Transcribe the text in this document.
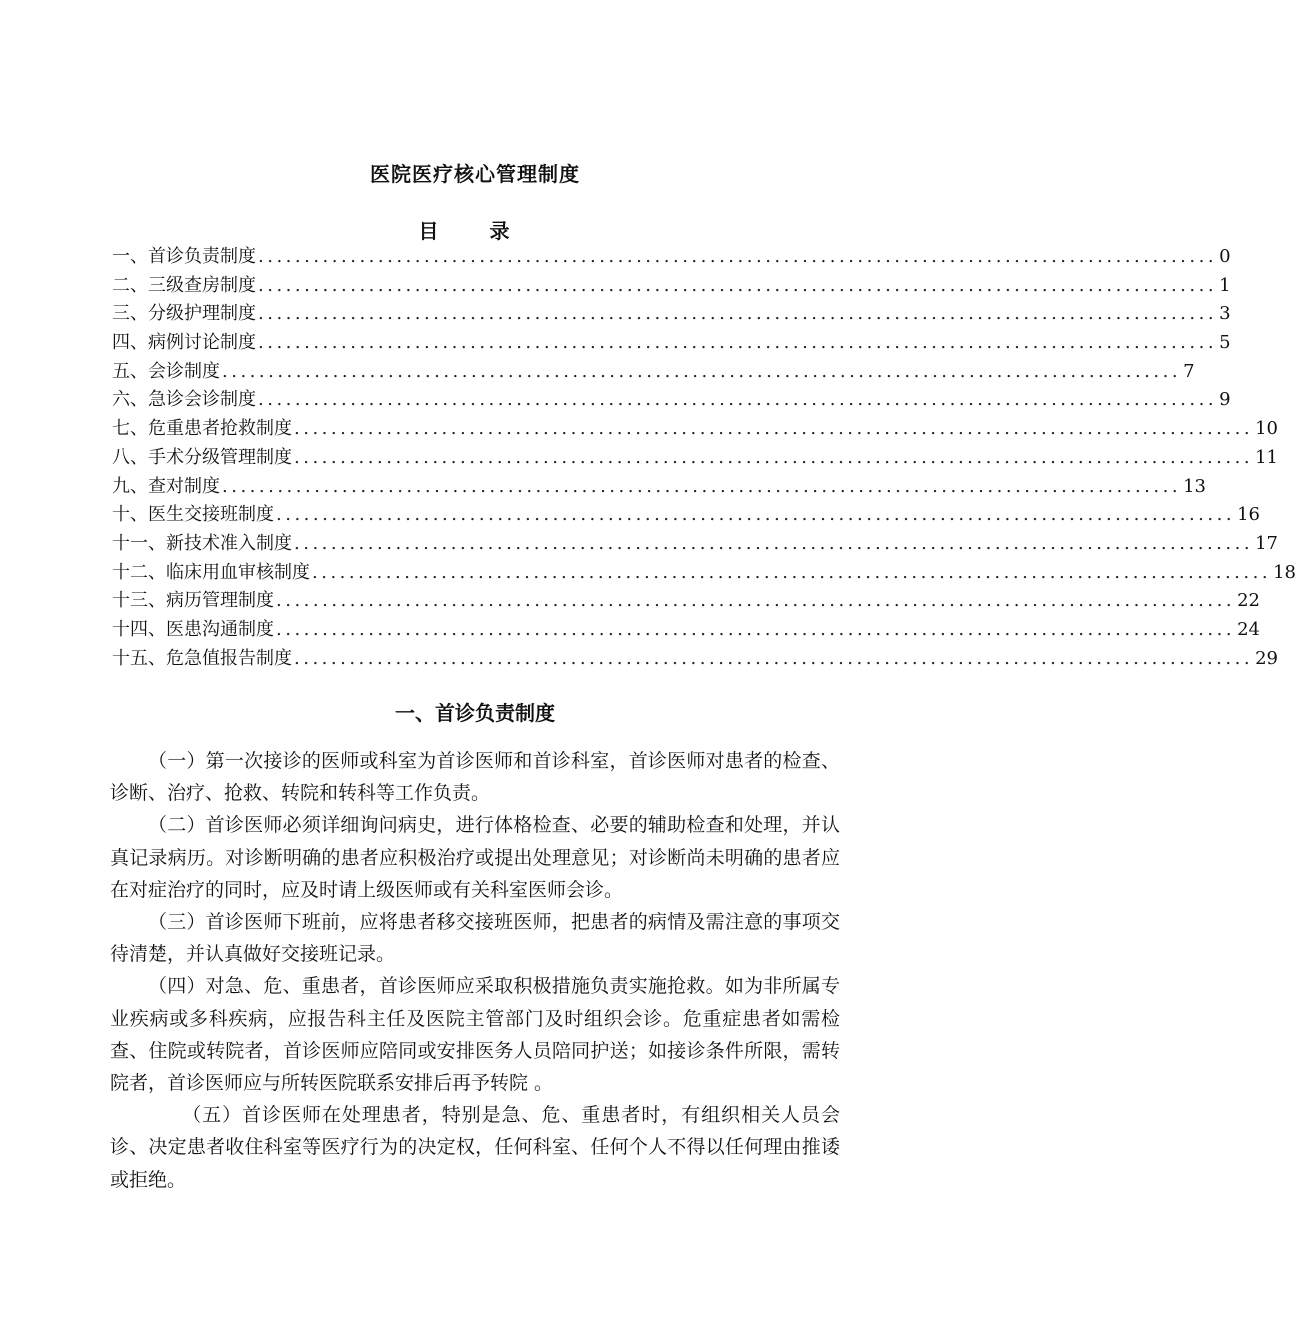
医院医疗核心管理制度
目 录
一、首诊负责制度 ........................................................................................................ 0
二、三级查房制度 ........................................................................................................ 1
三、分级护理制度 ........................................................................................................ 3
四、病例讨论制度 ........................................................................................................ 5
五、会诊制度 ........................................................................................................ 7
六、急诊会诊制度 ........................................................................................................ 9
七、危重患者抢救制度 ........................................................................................................ 10
八、手术分级管理制度 ........................................................................................................ 11
九、查对制度 ........................................................................................................ 13
十、医生交接班制度 ........................................................................................................ 16
十一、新技术准入制度 ........................................................................................................ 17
十二、临床用血审核制度 ........................................................................................................ 18
十三、病历管理制度 ........................................................................................................ 22
十四、医患沟通制度 ........................................................................................................ 24
十五、危急值报告制度 ........................................................................................................ 29
一、首诊负责制度

（一）第一次接诊的医师或科室为首诊医师和首诊科室，首诊医师对患者的检查、诊断、治疗、抢救、转院和转科等工作负责。

（二）首诊医师必须详细询问病史，进行体格检查、必要的辅助检查和处理，并认真记录病历。对诊断明确的患者应积极治疗或提出处理意见；对诊断尚未明确的患者应在对症治疗的同时，应及时请上级医师或有关科室医师会诊。

（三）首诊医师下班前，应将患者移交接班医师，把患者的病情及需注意的事项交待清楚，并认真做好交接班记录。

（四）对急、危、重患者，首诊医师应采取积极措施负责实施抢救。如为非所属专业疾病或多科疾病，应报告科主任及医院主管部门及时组织会诊。危重症患者如需检查、住院或转院者，首诊医师应陪同或安排医务人员陪同护送；如接诊条件所限，需转院者，首诊医师应与所转医院联系安排后再予转院 。

（五）首诊医师在处理患者，特别是急、危、重患者时，有组织相关人员会诊、决定患者收住科室等医疗行为的决定权，任何科室、任何个人不得以任何理由推诿或拒绝。
